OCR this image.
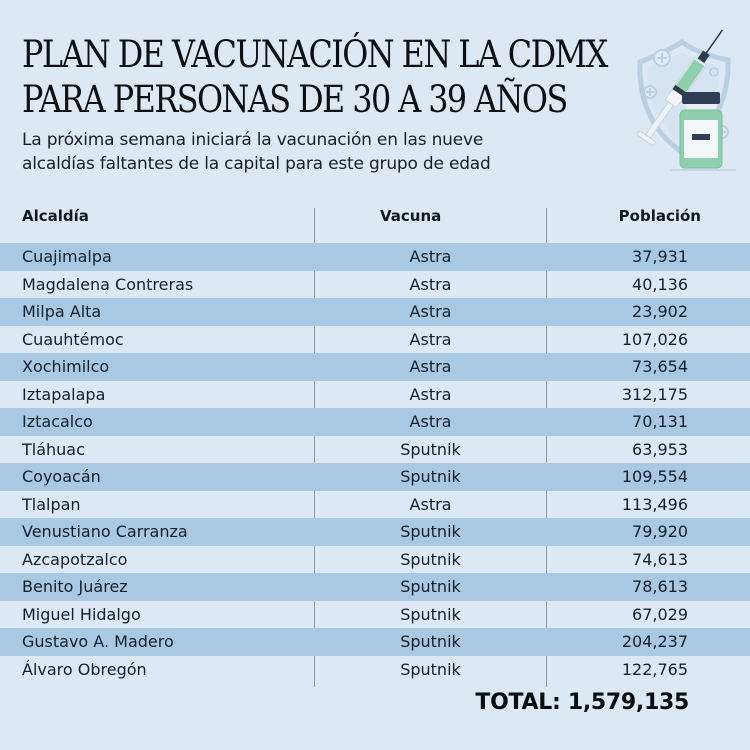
PLAN DE VACUNACIÓN EN LA CDMX
PARA PERSONAS DE 30 A 39 AÑOS
La próxima semana iniciará la vacunación en las nueve
alcaldías faltantes de la capital para este grupo de edad
Alcaldía	Vacuna	Población
Cuajimalpa	Astra	37,931
Magdalena Contreras	Astra	40,136
Milpa Alta	Astra	23,902
Cuauhtémoc	Astra	107,026
Xochimilco	Astra	73,654
Iztapalapa	Astra	312,175
Iztacalco	Astra	70,131
Tláhuac	Sputnik	63,953
Coyoacán	Sputnik	109,554
Tlalpan	Astra	113,496
Venustiano Carranza	Sputnik	79,920
Azcapotzalco	Sputnik	74,613
Benito Juárez	Sputnik	78,613
Miguel Hidalgo	Sputnik	67,029
Gustavo A. Madero	Sputnik	204,237
Álvaro Obregón	Sputnik	122,765
TOTAL: 1,579,135
